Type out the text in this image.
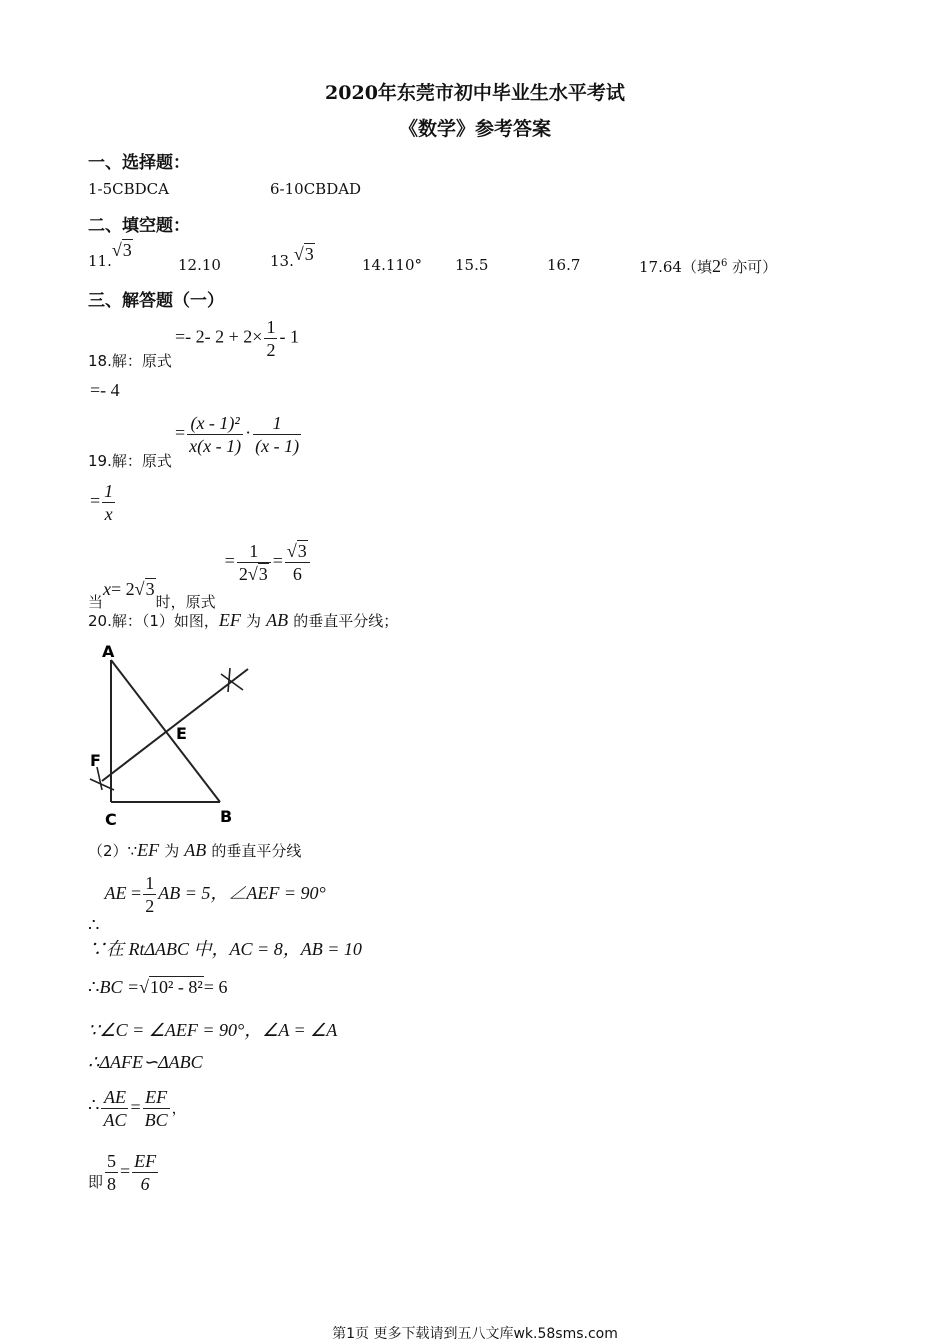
2020年东莞市初中毕业生水平考试
《数学》参考答案
一、选择题：
1-5CBDCA	6-10CBDAD
二、填空题：
11.√3
12.10	13.√3
14.110° 15.5	16.7	17.64（填$2^6$ 亦可）
三、解答题（一）
18.解：原式
=- 2- $2 + 2\times \frac{1}{2} - 1$
=- 4
19.解：原式
= $\frac{\text{(x - 1)²}}{x(x - 1)} \cdot \frac{1}{(x - 1)}$
= $\frac{1}{x}$
当x= 2√3时，原式 = $\frac{1}{2√3} = \frac{√3}{6}$
20.解：（1）如图，EF 为 AB 的垂直平分线；
A
F
E
C	B
（2）∵EF 为 AB 的垂直平分线
∴ AE = $\frac{1}{2}$ AB = 5，∠AEF = 90°
∵在 RtΔABC 中，AC = 8，AB = 10
∴BC =√10² - 8²= 6
∵∠C = ∠AEF = 90°，∠A = ∠A
∴ΔAFE∽ΔABC
∴ $\frac{AE}{AC} = \frac{EF}{BC}$ ，
即 $\frac{5}{8} = \frac{EF}{6}$
第1页 更多下载请到五八文库wk.58sms.com
